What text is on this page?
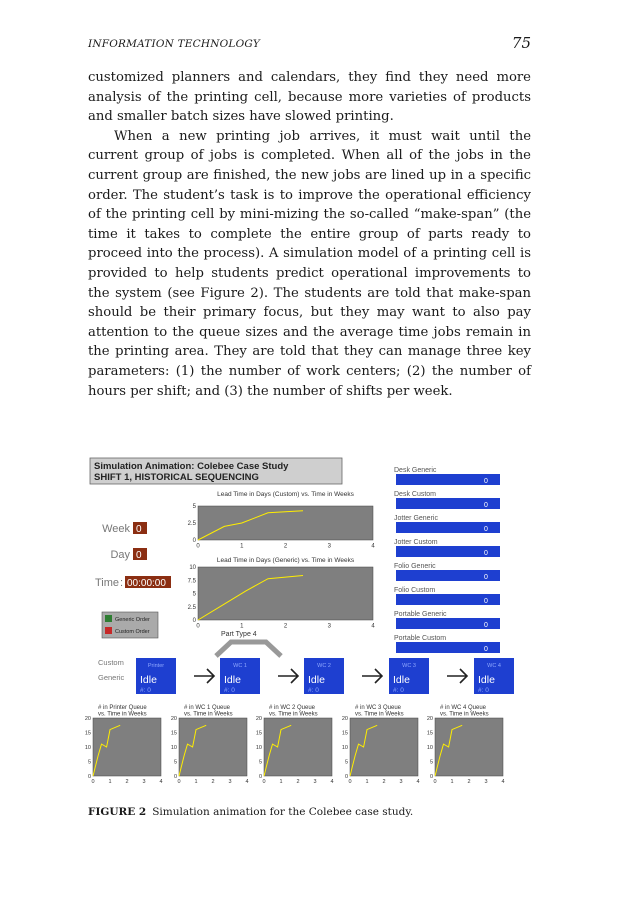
INFORMATION TECHNOLOGY	75

customized planners and calendars, they find they need more analysis of the printing cell, because more varieties of products and smaller batch sizes have slowed printing.

When a new printing job arrives, it must wait until the current group of jobs is completed. When all of the jobs in the current group are finished, the new jobs are lined up in a specific order. The student’s task is to improve the operational efficiency of the printing cell by mini-mizing the so-called “make-span” (the time it takes to complete the entire group of parts ready to proceed into the process). A simulation model of a printing cell is provided to help students predict operational improvements to the system (see Figure 2). The students are told that make-span should be their primary focus, but they may want to also pay attention to the queue sizes and the average time jobs remain in the printing area. They are told that they can manage three key parameters: (1) the number of work centers; (2) the number of hours per shift; and (3) the number of shifts per week.

Simulation Animation: Colebee Case Study
SHIFT 1, HISTORICAL SEQUENCING
Week 0
Day 0
Time : 00:00:00
Generic Order
Custom Order
Lead Time in Days (Custom) vs. Time in Weeks
0
2.5
5
0	1	2	3	4
Lead Time in Days (Generic) vs. Time in Weeks
0
2.5
5
7.5
10
0	1	2	3	4
Part Type 4
Desk Generic
0
Desk Custom
0
Jotter Generic
0
Jotter Custom
0
Folio Generic
0
Folio Custom
0
Portable Generic
0
Portable Custom
0
Custom
Generic
Printer
Idle
#: 0
WC 1
Idle
#: 0
WC 2
Idle
#: 0
WC 3
Idle
#: 0
WC 4
Idle
#: 0
# in Printer Queue
vs. Time in Weeks
0
5
10
15
20
0	1	2	3	4
# in WC 1 Queue
vs. Time in Weeks
0
5
10
15
20
0	1	2	3	4
# in WC 2 Queue
vs. Time in Weeks
0
5
10
15
20
0	1	2	3	4
# in WC 3 Queue
vs. Time in Weeks
0
5
10
15
20
0	1	2	3	4
# in WC 4 Queue
vs. Time in Weeks
0
5
10
15
20
0	1	2	3	4
FIGURE 2 Simulation animation for the Colebee case study.
